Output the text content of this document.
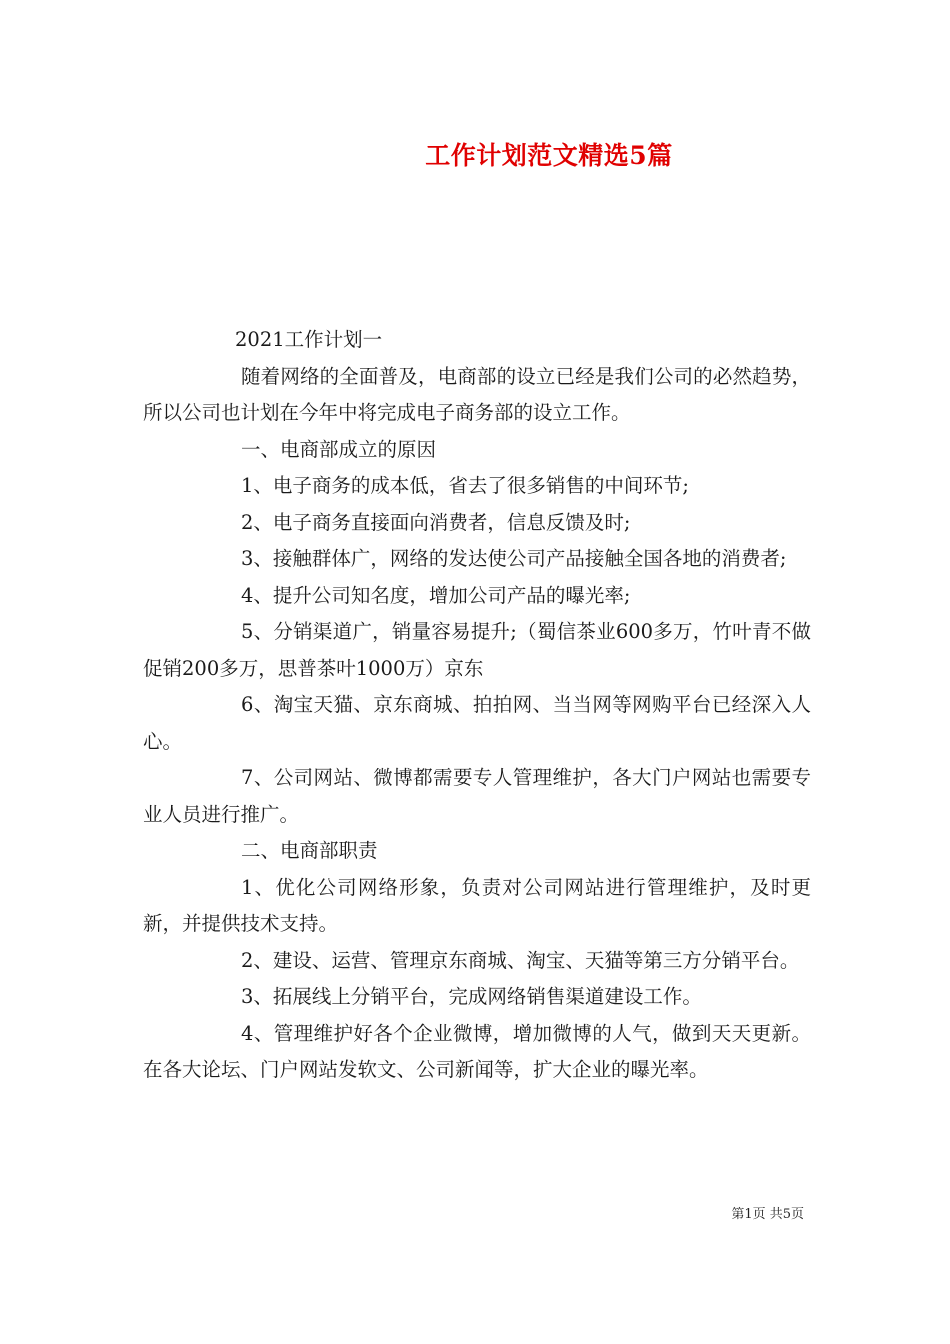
工作计划范文精选5篇

2021工作计划一

随着网络的全面普及，电商部的设立已经是我们公司的必然趋势，所以公司也计划在今年中将完成电子商务部的设立工作。

一、电商部成立的原因

1、电子商务的成本低，省去了很多销售的中间环节;

2、电子商务直接面向消费者，信息反馈及时;

3、接触群体广，网络的发达使公司产品接触全国各地的消费者;

4、提升公司知名度，增加公司产品的曝光率;

5、分销渠道广，销量容易提升;（蜀信茶业600多万，竹叶青不做促销200多万，思普茶叶1000万）京东

6、淘宝天猫、京东商城、拍拍网、当当网等网购平台已经深入人心。

7、公司网站、微博都需要专人管理维护，各大门户网站也需要专业人员进行推广。

二、电商部职责

1、优化公司网络形象，负责对公司网站进行管理维护，及时更新，并提供技术支持。

2、建设、运营、管理京东商城、淘宝、天猫等第三方分销平台。

3、拓展线上分销平台，完成网络销售渠道建设工作。

4、管理维护好各个企业微博，增加微博的人气，做到天天更新。在各大论坛、门户网站发软文、公司新闻等，扩大企业的曝光率。

第1页 共5页
